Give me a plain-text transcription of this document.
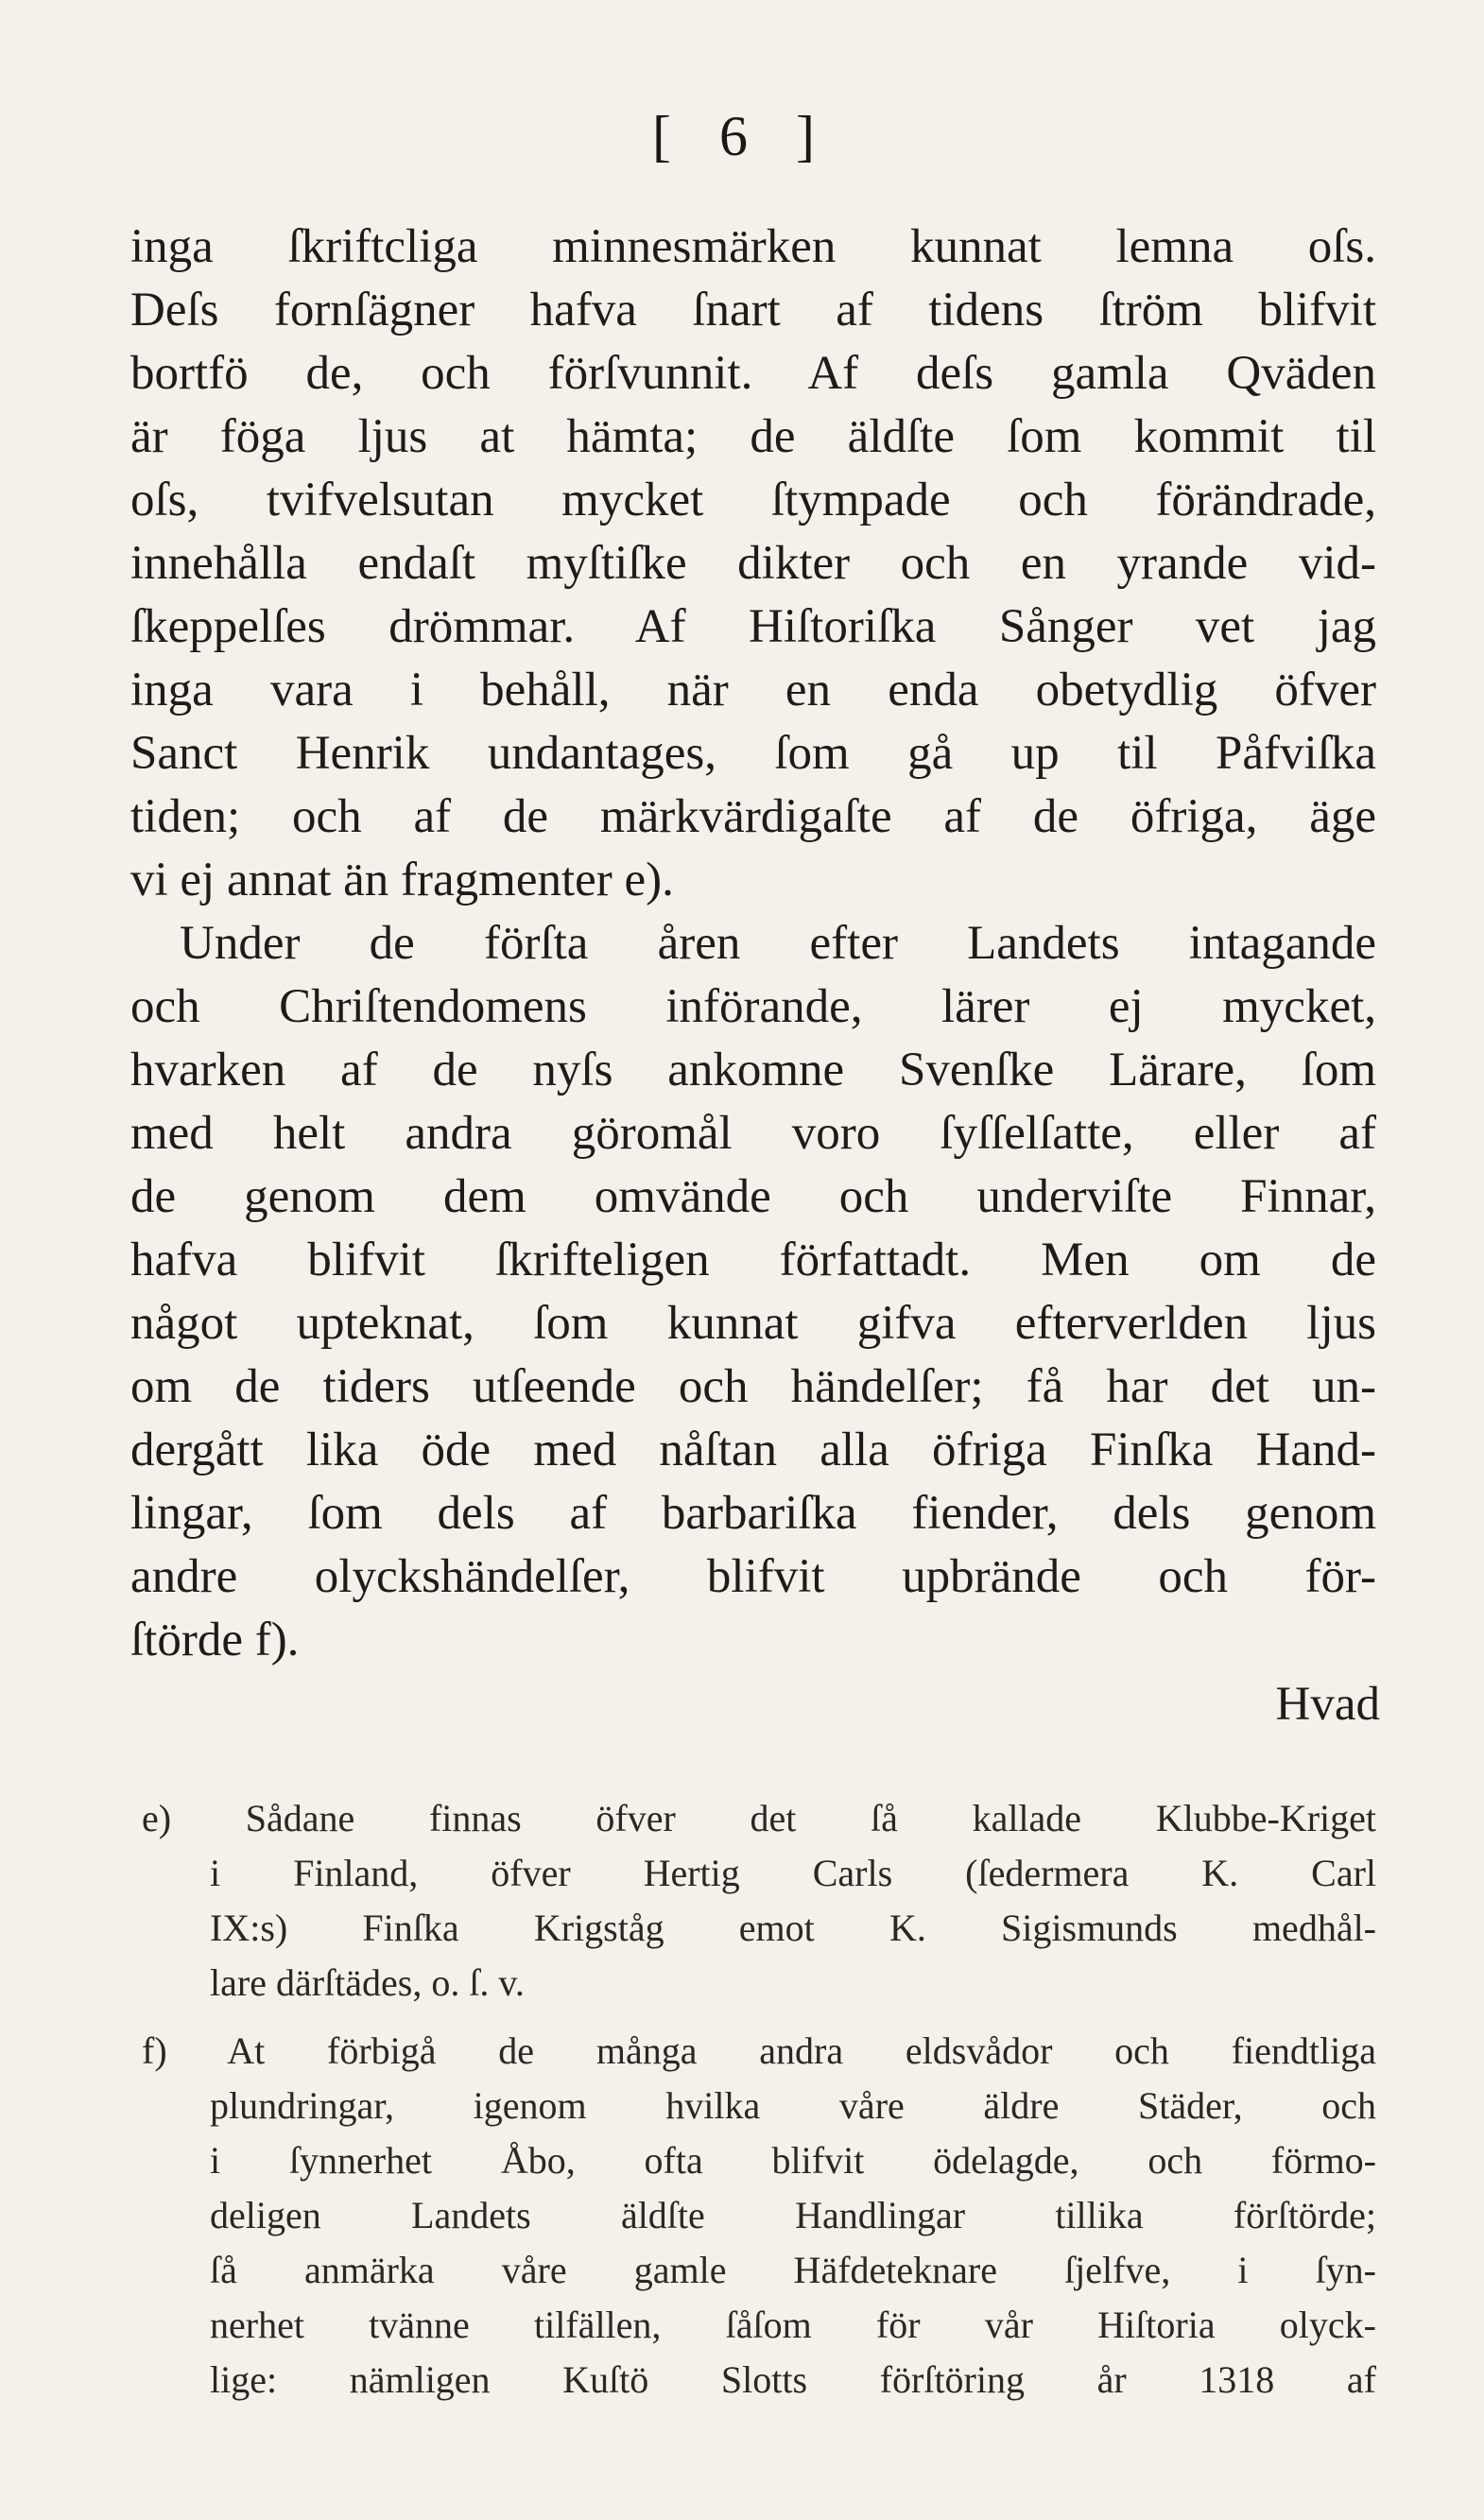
[ 6 ]
inga ſkriftcliga minnesmärken kunnat lemna oſs.
Deſs fornſägner hafva ſnart af tidens ſtröm blifvit
bortfö de, och förſvunnit. Af deſs gamla Qväden
är föga ljus at hämta; de äldſte ſom kommit til
oſs, tvifvelsutan mycket ſtympade och förändrade,
innehålla endaſt myſtiſke dikter och en yrande vid-
ſkeppelſes drömmar. Af Hiſtoriſka Sånger vet jag
inga vara i behåll, när en enda obetydlig öfver
Sanct Henrik undantages, ſom gå up til Påfviſka
tiden; och af de märkvärdigaſte af de öfriga, äge
vi ej annat än fragmenter e).
Under de förſta åren efter Landets intagande
och Chriſtendomens införande, lärer ej mycket,
hvarken af de nyſs ankomne Svenſke Lärare, ſom
med helt andra göromål voro ſyſſelſatte, eller af
de genom dem omvände och underviſte Finnar,
hafva blifvit ſkrifteligen författadt. Men om de
något upteknat, ſom kunnat gifva efterverlden ljus
om de tiders utſeende och händelſer; få har det un-
dergått lika öde med nåſtan alla öfriga Finſka Hand-
lingar, ſom dels af barbariſka fiender, dels genom
andre olyckshändelſer, blifvit upbrände och för-
ſtörde f).
Hvad
e) Sådane finnas öfver det ſå kallade Klubbe-Kriget
i Finland, öfver Hertig Carls (ſedermera K. Carl
IX:s) Finſka Krigståg emot K. Sigismunds medhål-
lare därſtädes, o. ſ. v.
f) At förbigå de många andra eldsvådor och fiendtliga
plundringar, igenom hvilka våre äldre Städer, och
i ſynnerhet Åbo, ofta blifvit ödelagde, och förmo-
deligen Landets äldſte Handlingar tillika förſtörde;
ſå anmärka våre gamle Häfdeteknare ſjelfve, i ſyn-
nerhet tvänne tilfällen, ſåſom för vår Hiſtoria olyck-
lige: nämligen Kuſtö Slotts förſtöring år 1318 af
